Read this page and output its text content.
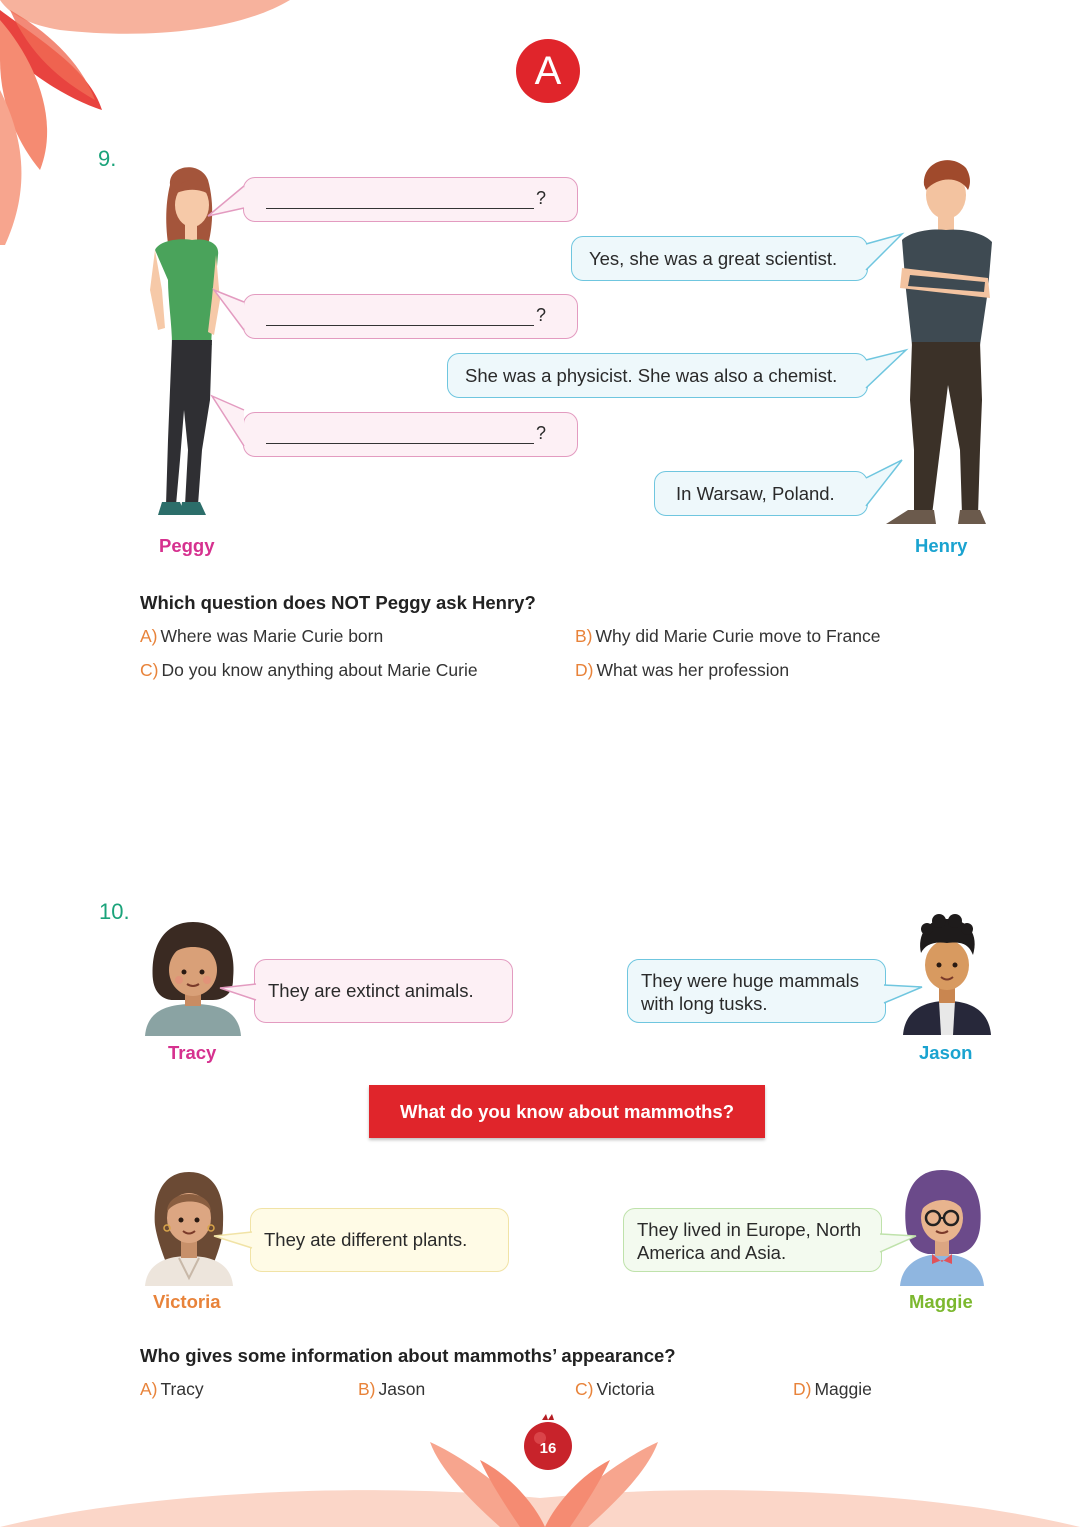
A
9.
?
?
?
Yes, she was a great scientist.
She was a physicist. She was also a chemist.
In Warsaw, Poland.
Peggy	Henry
Which question does NOT Peggy ask Henry?
A) Where was Marie Curie born	B) Why did Marie Curie move to France
C) Do you know anything about Marie Curie	D) What was her profession
10.
They are extinct animals.	They were huge mammals with long tusks.
Tracy	Jason
What do you know about mammoths?
They ate different plants.	They lived in Europe, North America and Asia.
Victoria	Maggie
Who gives some information about mammoths’ appearance?
A) Tracy	B) Jason	C) Victoria	D) Maggie
16
